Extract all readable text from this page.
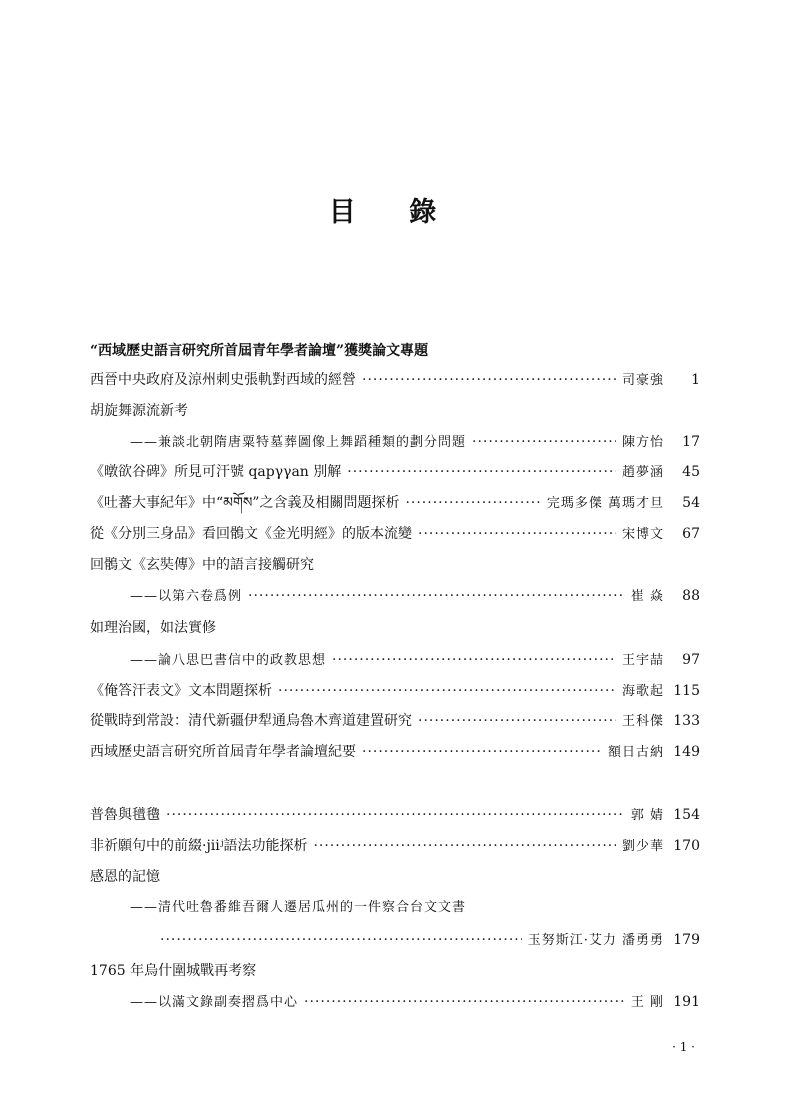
目 錄
“西域歷史語言研究所首屆青年學者論壇”獲獎論文專題
西晉中央政府及涼州刺史張軌對西域的經營 ·····	司豪強	1
胡旋舞源流新考
——兼談北朝隋唐粟特墓葬圖像上舞蹈種類的劃分問題 ·····	陳方怡	17
《暾欲谷碑》所見可汗號 qapγγan 別解 ·····	趙夢涵	45
《吐蕃大事紀年》中“མགོས”之含義及相關問題探析 ·····	完瑪多傑 萬瑪才旦	54
從《分別三身品》看回鶻文《金光明經》的版本流變 ·····	宋博文	67
回鶻文《玄奘傳》中的語言接觸研究
——以第六卷爲例 ·····	崔 焱	88
如理治國，如法實修
——論八思巴書信中的政教思想 ·····	王宇喆	97
《俺答汗表文》文本問題探析 ·····	海歌起 115
從戰時到常設：清代新疆伊犁通烏魯木齊道建置研究 ·····	王科傑 133
西域歷史語言研究所首屆青年學者論壇紀要 ·····	額日古納 149
普魯與氆氌 ·····	郭 婧 154
非祈願句中的前綴·jiiʲ語法功能探析 ·····	劉少華 170
感恩的記憶
——清代吐魯番維吾爾人遷居瓜州的一件察合台文文書
·····
玉努斯江·艾力 潘勇勇 179
1765 年烏什圍城戰再考察
——以滿文錄副奏摺爲中心 ·····	王 剛 191
· 1 ·
